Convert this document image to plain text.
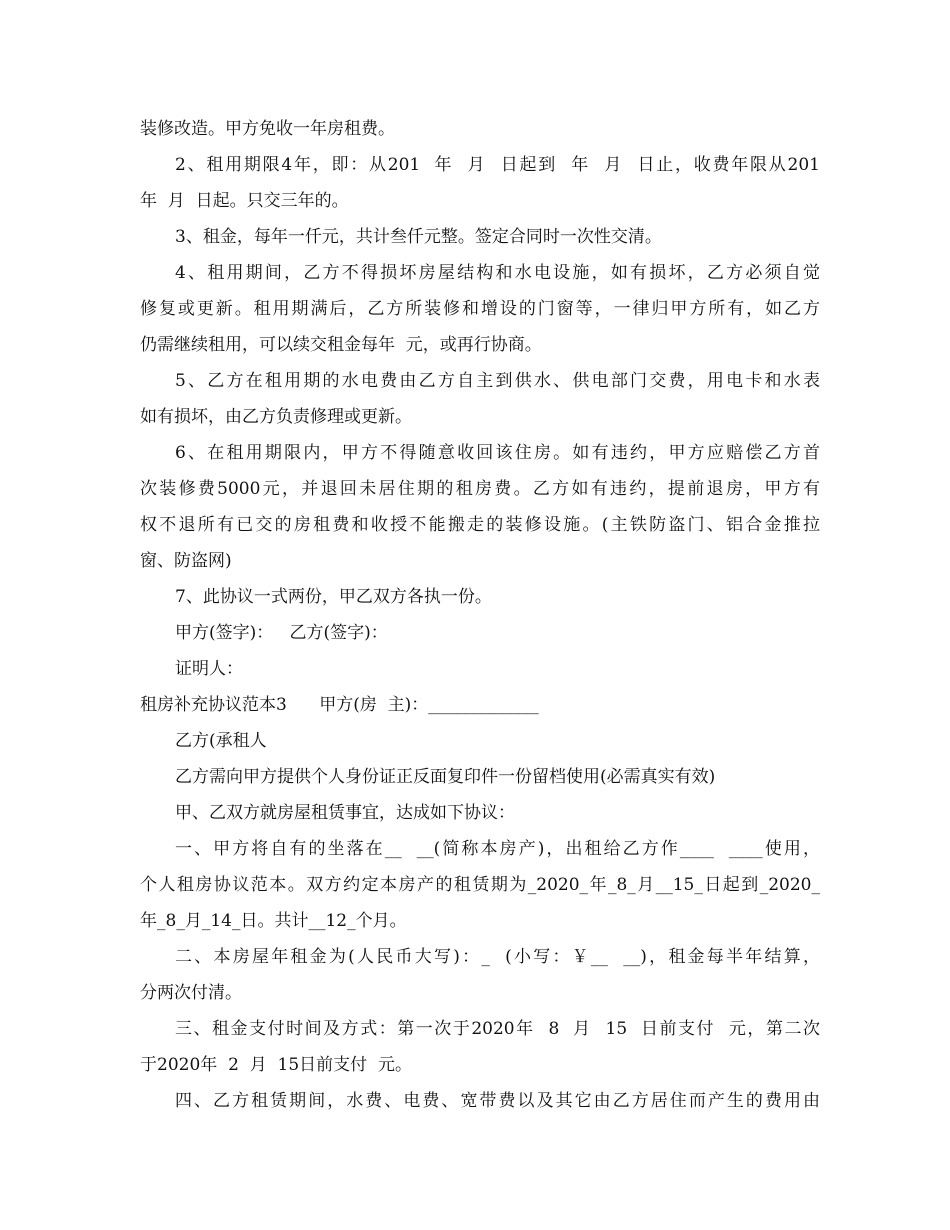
装修改造。甲方免收一年房租费。
2、租用期限4年，即：从201  年  月  日起到  年  月  日止，收费年限从201
年  月  日起。只交三年的。
3、租金，每年一仟元，共计叁仟元整。签定合同时一次性交清。
4、租用期间，乙方不得损坏房屋结构和水电设施，如有损坏，乙方必须自觉
修复或更新。租用期满后，乙方所装修和增设的门窗等，一律归甲方所有，如乙方
仍需继续租用，可以续交租金每年  元，或再行协商。
5、乙方在租用期的水电费由乙方自主到供水、供电部门交费，用电卡和水表
如有损坏，由乙方负责修理或更新。
6、在租用期限内，甲方不得随意收回该住房。如有违约，甲方应赔偿乙方首
次装修费5000元，并退回未居住期的租房费。乙方如有违约，提前退房，甲方有
权不退所有已交的房租费和收授不能搬走的装修设施。(主铁防盗门、铝合金推拉
窗、防盗网)
7、此协议一式两份，甲乙双方各执一份。
甲方(签字)：   乙方(签字)：
证明人：
租房补充协议范本3      甲方(房  主)：_____________
乙方(承租人
乙方需向甲方提供个人身份证正反面复印件一份留档使用(必需真实有效)
甲、乙双方就房屋租赁事宜，达成如下协议：
一、甲方将自有的坐落在__  __(简称本房产)，出租给乙方作____  ____使用，
个人租房协议范本。双方约定本房产的租赁期为_2020_年_8_月__15_日起到_2020_
年_8_月_14_日。共计__12_个月。
二、本房屋年租金为(人民币大写)：_  (小写：￥__  __)，租金每半年结算，
分两次付清。
三、租金支付时间及方式：第一次于2020年  8  月  15  日前支付  元，第二次
于2020年  2  月  15日前支付  元。
四、乙方租赁期间，水费、电费、宽带费以及其它由乙方居住而产生的费用由
